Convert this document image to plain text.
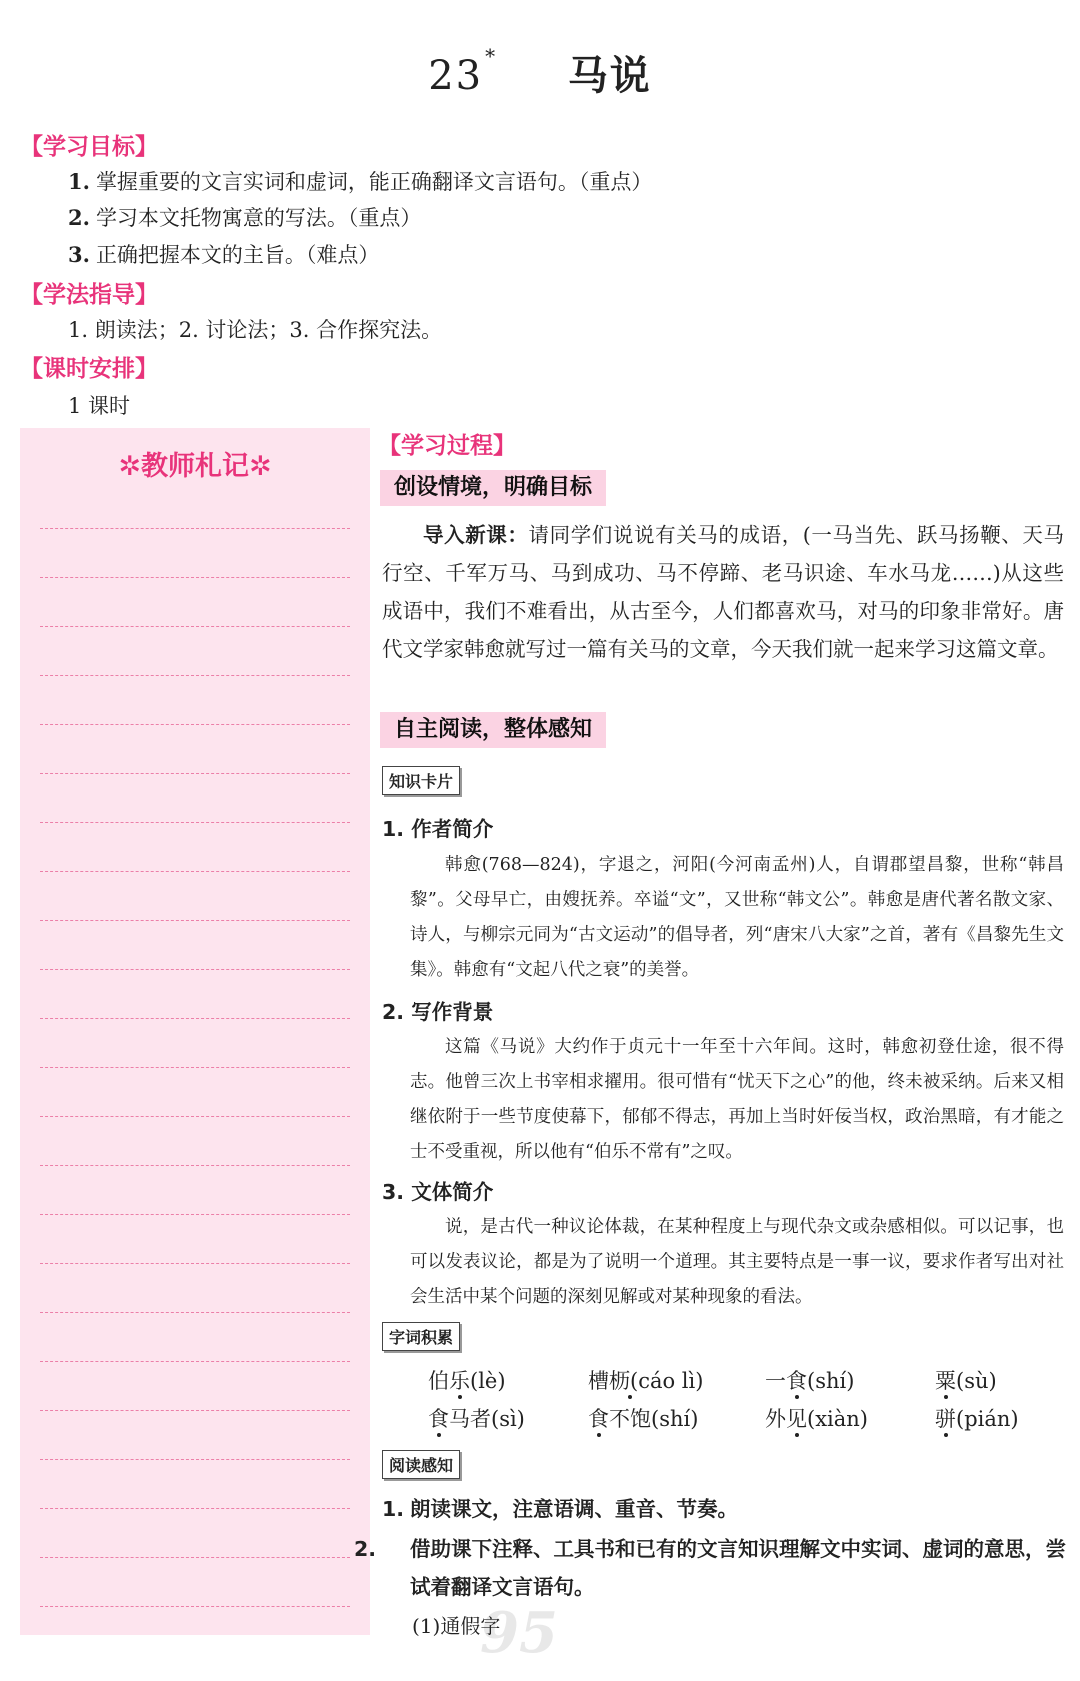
23 * 马说
【学习目标】
1. 掌握重要的文言实词和虚词，能正确翻译文言语句。（重点）
2. 学习本文托物寓意的写法。（重点）
3. 正确把握本文的主旨。（难点）
【学法指导】
1. 朗读法；2. 讨论法；3. 合作探究法。
【课时安排】
1 课时
✲教师札记✲
【学习过程】
创设情境，明确目标
导入新课：请同学们说说有关马的成语，(一马当先、跃马扬鞭、天马行空、千军万马、马到成功、马不停蹄、老马识途、车水马龙……)从这些成语中，我们不难看出，从古至今，人们都喜欢马，对马的印象非常好。唐代文学家韩愈就写过一篇有关马的文章，今天我们就一起来学习这篇文章。
自主阅读，整体感知
知识卡片
1. 作者简介
韩愈(768—824)，字退之，河阳(今河南孟州)人，自谓郡望昌黎，世称“韩昌黎”。父母早亡，由嫂抚养。卒谥“文”，又世称“韩文公”。韩愈是唐代著名散文家、诗人，与柳宗元同为“古文运动”的倡导者，列“唐宋八大家”之首，著有《昌黎先生文集》。韩愈有“文起八代之衰”的美誉。
2. 写作背景
这篇《马说》大约作于贞元十一年至十六年间。这时，韩愈初登仕途，很不得志。他曾三次上书宰相求擢用。很可惜有“忧天下之心”的他，终未被采纳。后来又相继依附于一些节度使幕下，郁郁不得志，再加上当时奸佞当权，政治黑暗，有才能之士不受重视，所以他有“伯乐不常有”之叹。
3. 文体简介
说，是古代一种议论体裁，在某种程度上与现代杂文或杂感相似。可以记事，也可以发表议论，都是为了说明一个道理。其主要特点是一事一议，要求作者写出对社会生活中某个问题的深刻见解或对某种现象的看法。
字词积累
伯乐(lè)	槽枥(cáo lì)	一食(shí)	粟(sù)
食马者(sì)	食不饱(shí)	外见(xiàn)	骈(pián)
阅读感知
1. 朗读课文，注意语调、重音、节奏。
2. 借助课下注释、工具书和已有的文言知识理解文中实词、虚词的意思，尝试着翻译文言语句。
95
(1)通假字
